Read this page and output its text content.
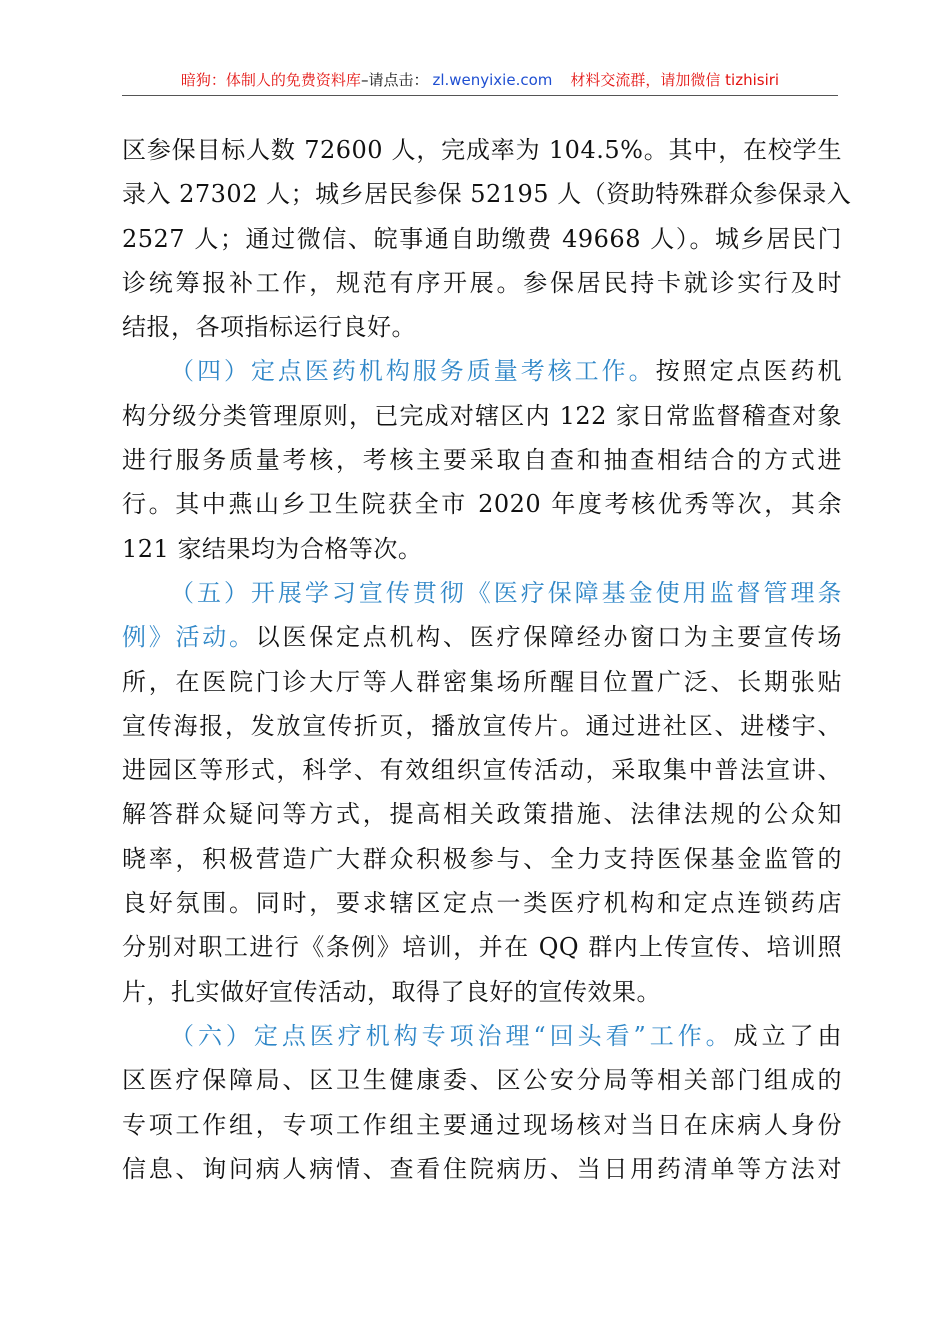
暗狗：体制人的免费资料库–请点击： zl.wenyixie.com 材料交流群，请加微信 tizhisiri
区参保目标人数 72600 人，完成率为 104.5%。其中，在校学生
录入 27302 人；城乡居民参保 52195 人（资助特殊群众参保录入
2527 人；通过微信、皖事通自助缴费 49668 人）。城乡居民门
诊统筹报补工作，规范有序开展。参保居民持卡就诊实行及时
结报，各项指标运行良好。
（四）定点医药机构服务质量考核工作。按照定点医药机
构分级分类管理原则，已完成对辖区内 122 家日常监督稽查对象
进行服务质量考核，考核主要采取自查和抽查相结合的方式进
行。其中燕山乡卫生院获全市 2020 年度考核优秀等次，其余
121 家结果均为合格等次。
（五）开展学习宣传贯彻《医疗保障基金使用监督管理条
例》活动。以医保定点机构、医疗保障经办窗口为主要宣传场
所，在医院门诊大厅等人群密集场所醒目位置广泛、长期张贴
宣传海报，发放宣传折页，播放宣传片。通过进社区、进楼宇、
进园区等形式，科学、有效组织宣传活动，采取集中普法宣讲、
解答群众疑问等方式，提高相关政策措施、法律法规的公众知
晓率，积极营造广大群众积极参与、全力支持医保基金监管的
良好氛围。同时，要求辖区定点一类医疗机构和定点连锁药店
分别对职工进行《条例》培训，并在 QQ 群内上传宣传、培训照
片，扎实做好宣传活动，取得了良好的宣传效果。
（六）定点医疗机构专项治理“回头看”工作。成立了由
区医疗保障局、区卫生健康委、区公安分局等相关部门组成的
专项工作组，专项工作组主要通过现场核对当日在床病人身份
信息、询问病人病情、查看住院病历、当日用药清单等方法对
